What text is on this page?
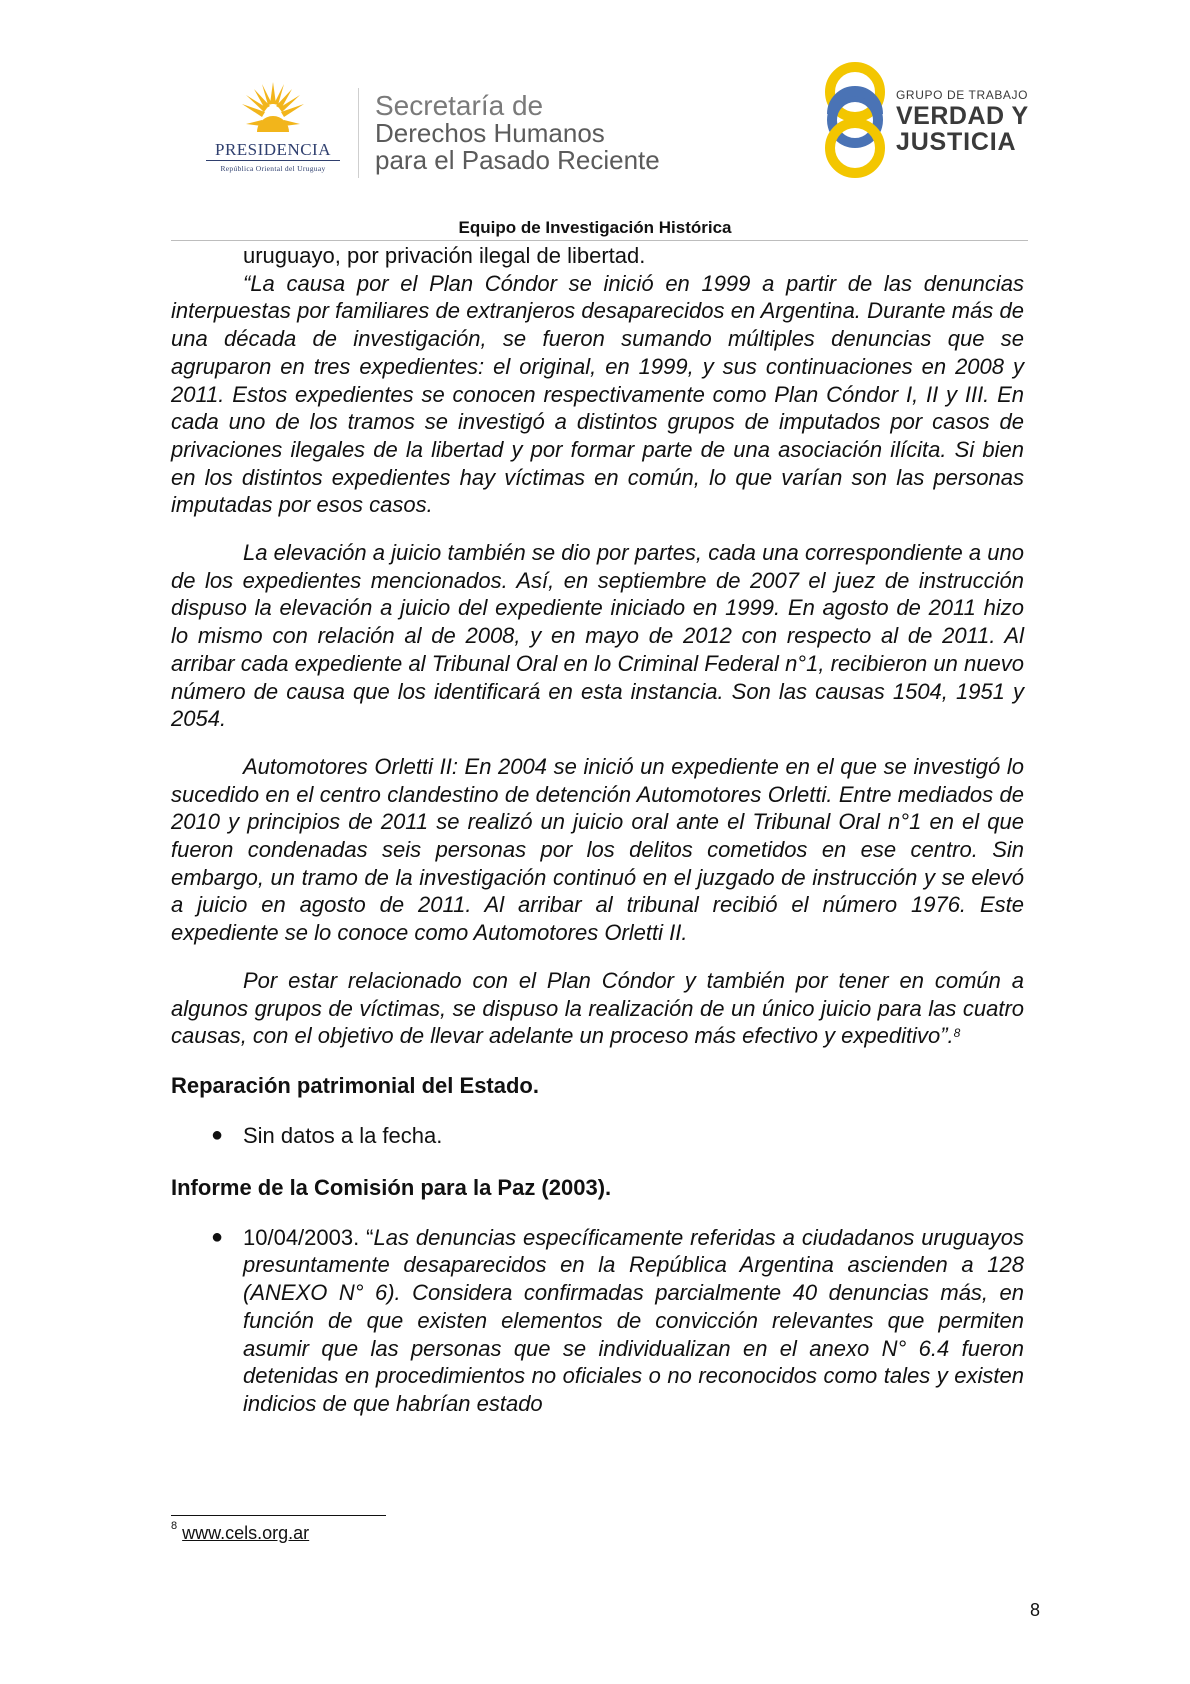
PRESIDENCIA
República Oriental del Uruguay
Secretaría de
Derechos Humanos
para el Pasado Reciente
GRUPO DE TRABAJO
VERDAD Y
JUSTICIA
Equipo de Investigación Histórica

uruguayo, por privación ilegal de libertad.

“La causa por el Plan Cóndor se inició en 1999 a partir de las denuncias interpuestas por familiares de extranjeros desaparecidos en Argentina. Durante más de una década de investigación, se fueron sumando múltiples denuncias que se agruparon en tres expedientes: el original, en 1999, y sus continuaciones en 2008 y 2011. Estos expedientes se conocen respectivamente como Plan Cóndor I, II y III. En cada uno de los tramos se investigó a distintos grupos de imputados por casos de privaciones ilegales de la libertad y por formar parte de una asociación ilícita. Si bien en los distintos expedientes hay víctimas en común, lo que varían son las personas imputadas por esos casos.

La elevación a juicio también se dio por partes, cada una correspondiente a uno de los expedientes mencionados. Así, en septiembre de 2007 el juez de instrucción dispuso la elevación a juicio del expediente iniciado en 1999. En agosto de 2011 hizo lo mismo con relación al de 2008, y en mayo de 2012 con respecto al de 2011. Al arribar cada expediente al Tribunal Oral en lo Criminal Federal n°1, recibieron un nuevo número de causa que los identificará en esta instancia. Son las causas 1504, 1951 y 2054.

Automotores Orletti II: En 2004 se inició un expediente en el que se investigó lo sucedido en el centro clandestino de detención Automotores Orletti. Entre mediados de 2010 y principios de 2011 se realizó un juicio oral ante el Tribunal Oral n°1 en el que fueron condenadas seis personas por los delitos cometidos en ese centro. Sin embargo, un tramo de la investigación continuó en el juzgado de instrucción y se elevó a juicio en agosto de 2011. Al arribar al tribunal recibió el número 1976. Este expediente se lo conoce como Automotores Orletti II.

Por estar relacionado con el Plan Cóndor y también por tener en común a algunos grupos de víctimas, se dispuso la realización de un único juicio para las cuatro causas, con el objetivo de llevar adelante un proceso más efectivo y expeditivo”.$^8$

Reparación patrimonial del Estado.

● Sin datos a la fecha.

Informe de la Comisión para la Paz (2003).

● 10/04/2003. “Las denuncias específicamente referidas a ciudadanos uruguayos presuntamente desaparecidos en la República Argentina ascienden a 128 (ANEXO N° 6). Considera confirmadas parcialmente 40 denuncias más, en función de que existen elementos de convicción relevantes que permiten asumir que las personas que se individualizan en el anexo N° 6.4 fueron detenidas en procedimientos no oficiales o no reconocidos como tales y existen indicios de que habrían estado

$^8$ www.cels.org.ar
8
